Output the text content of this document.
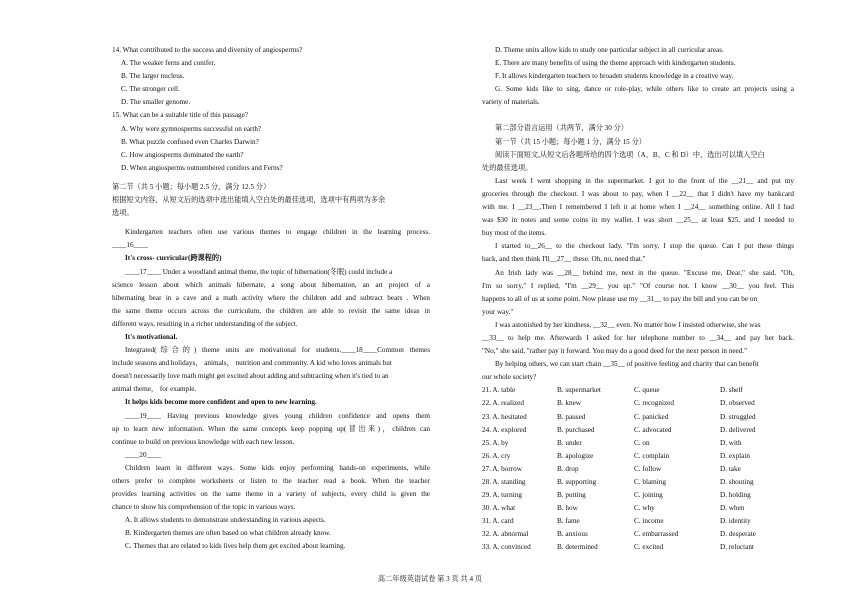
14. What contributed to the success and diversity of angiosperms?
A. The weaker ferns and conifer.
B. The larger nucleus.
C. The stronger cell.
D. The smaller genome.
15. What can be a suitable title of this passage?
A. Why were gymnosperms successful on earth?
B. What puzzle confused even Charles Darwin?
C. How angiosperms dominated the earth?
D. When angiosperms outnumbered conifers and Ferns?
第二节（共 5 小题；每小题 2.5 分，满分 12.5 分）
根据短文内容，从短文后的选项中选出能填入空白处的最佳选项，选项中有两项为多余
选项。
Kindergarten teachers often use various themes to engage children in the learning process.
____16____
It's cross- curricular(跨课程的)
____17____ Under a woodland animal theme, the topic of hibernation(冬眠) could include a
science lesson about which animals hibernate, a song about hibernation, an art project of a
hibernating bear in a cave and a math activity where the children add and subtract bears . When
the same theme occurs across the curriculum, the children are able to revisit the same ideas in
different ways, resulting in a richer understanding of the subject.
It's motivational.
Integrated(综合的) theme units are motivational for students.____18____Common themes
include seasons and holidays， animals， nutrition and community. A kid who loves animals but
doesn't necessarily love math might get excited about adding and subtracting when it's tied to an
animal theme， for example.
It helps kids become more confident and open to new learning.
____19____ Having previous knowledge gives young children confidence and opens them
up to learn new information. When the same concepts keep popping up(冒出来)，children can
continue to build on previous knowledge with each new lesson.
____20____
Children learn in different ways. Some kids enjoy performing hands-on experiments, while
others prefer to complete worksheets or listen to the teacher read a book. When the teacher
provides learning activities on the same theme in a variety of subjects, every child is given the
chance to show his comprehension of the topic in various ways.
A. It allows students to demonstrate understanding in various aspects.
B. Kindergarten themes are often based on what children already know.
C. Themes that are related to kids lives help them get excited about learning.
D. Theme units allow kids to study one particular subject in all curricular areas.
E. There are many benefits of using the theme approach with kindergarten students.
F. It allows kindergarten teachers to broaden students knowledge in a creative way.
G. Some kids like to sing, dance or role-play, while others like to create art projects using a
variety of materials.
第二部分语言运用（共两节，满分 30 分）
第一节（共 15 小题；每小题 1 分，满分 15 分）
阅读下面短文,从短文后各题所给的四个选项（A、B、C 和 D）中，选出可以填入空白
处的最佳选项。
Last week I went shopping in the supermarket. I got to the front of the __21__ and put my
groceries through the checkout. I was about to pay, when I __22__ that I didn't have my bankcard
with me. I __23__.Then I remembered I left it at home when I __24__ something online. All I had
was $30 in notes and some coins in my wallet. I was short __25__ at least $25, and I needed to
buy most of the items.
I started to__26__ to the checkout lady. "I'm sorry, I stop the queue. Can I put these things
back, and then think I'll__27__ these. Oh, no, need that."
An Irish lady was __28__ behind me, next in the queue. "Excuse me, Dear," she said. "Oh,
I'm so sorry," I replied, "I'm __29__ you up." "Of course not. I know __30__ you feel. This
happens to all of us at some point. Now please use my __31__ to pay the bill and you can be on
your way."
I was astonished by her kindness, __32__ even. No matter how I insisted otherwise, she was
__33__ to help me. Afterwards I asked for her telephone number to __34__ and pay her back.
"No," she said, "rather pay it forward. You may do a good deed for the next person in need."
By helping others, we can start chain __35__ of positive feeling and charity that can benefit
our whole society?
21. A. table	B. supermarket	C. queue	D. shelf
22. A. realized	B. knew	C. recognized	D. observed
23. A. hesitated	B. paused	C. panicked	D. struggled
24. A. explored	B. purchased	C. advocated	D. delivered
25. A. by	B. under	C. on	D. with
26. A. cry	B. apologize	C. complain	D. explain
27. A. borrow	B. drop	C. follow	D. take
28. A. standing	B. supporting	C. blaming	D. shouting
29. A. turning	B. putting	C. joining	D. holding
30. A. what	B. how	C. why	D. when
31. A. card	B. fame	C. income	D. identity
32. A. abnormal	B. anxious	C. embarrassed	D. desperate
33. A. convinced	B. determined	C. excited	D. reluctant
高二年级英语试卷 第 3 页 共 4 页
